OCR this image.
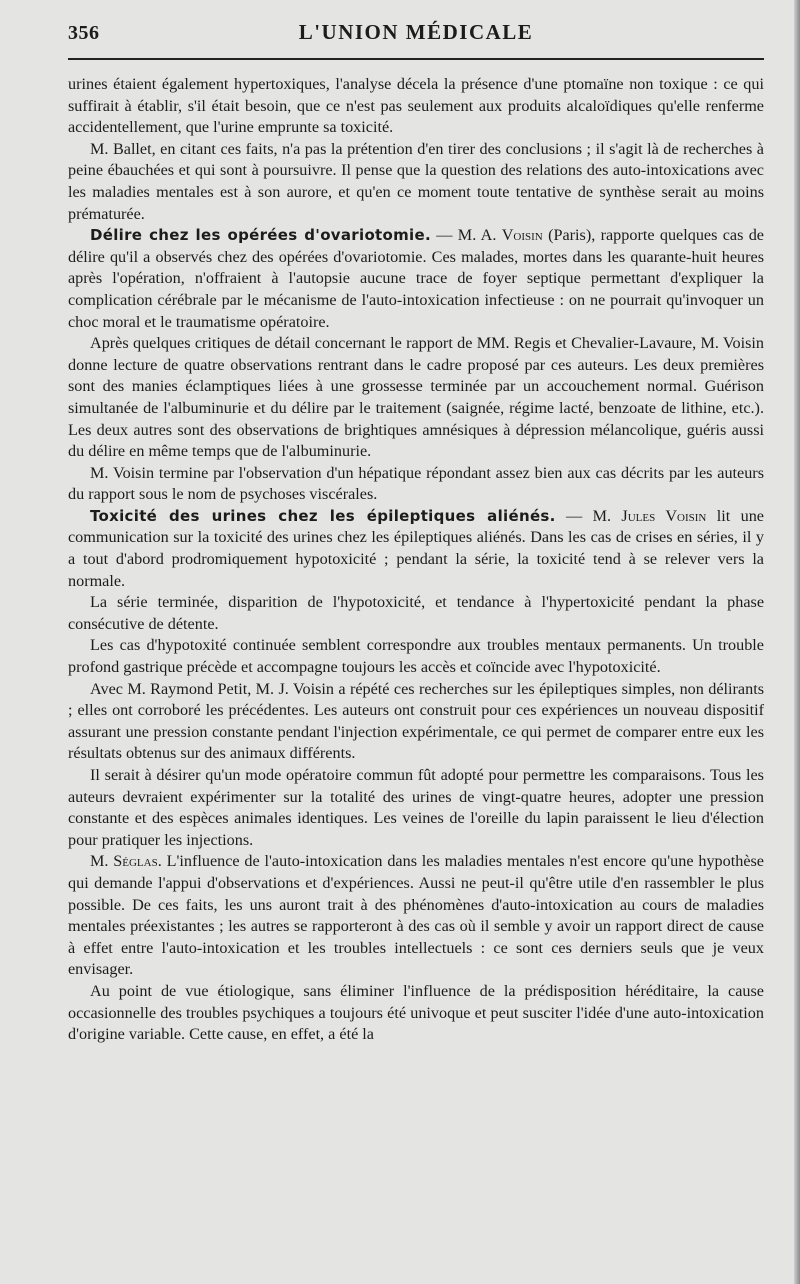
356	L'UNION MÉDICALE

urines étaient également hypertoxiques, l'analyse décela la présence d'une ptomaïne non toxique : ce qui suffirait à établir, s'il était besoin, que ce n'est pas seulement aux produits alcaloïdiques qu'elle renferme accidentellement, que l'urine emprunte sa toxicité.

M. Ballet, en citant ces faits, n'a pas la prétention d'en tirer des conclusions ; il s'agit là de recherches à peine ébauchées et qui sont à poursuivre. Il pense que la question des relations des auto-intoxications avec les maladies mentales est à son aurore, et qu'en ce moment toute tentative de synthèse serait au moins prématurée.

Délire chez les opérées d'ovariotomie. — M. A. Voisin (Paris), rapporte quelques cas de délire qu'il a observés chez des opérées d'ovariotomie. Ces malades, mortes dans les quarante-huit heures après l'opération, n'offraient à l'autopsie aucune trace de foyer septique permettant d'expliquer la complication cérébrale par le mécanisme de l'auto-intoxication infectieuse : on ne pourrait qu'invoquer un choc moral et le traumatisme opératoire.

Après quelques critiques de détail concernant le rapport de MM. Regis et Chevalier-Lavaure, M. Voisin donne lecture de quatre observations rentrant dans le cadre proposé par ces auteurs. Les deux premières sont des manies éclamptiques liées à une grossesse terminée par un accouchement normal. Guérison simultanée de l'albuminurie et du délire par le traitement (saignée, régime lacté, benzoate de lithine, etc.). Les deux autres sont des observations de brightiques amnésiques à dépression mélancolique, guéris aussi du délire en même temps que de l'albuminurie.

M. Voisin termine par l'observation d'un hépatique répondant assez bien aux cas décrits par les auteurs du rapport sous le nom de psychoses viscérales.

Toxicité des urines chez les épileptiques aliénés. — M. Jules Voisin lit une communication sur la toxicité des urines chez les épileptiques aliénés. Dans les cas de crises en séries, il y a tout d'abord prodromiquement hypotoxicité ; pendant la série, la toxicité tend à se relever vers la normale.

La série terminée, disparition de l'hypotoxicité, et tendance à l'hypertoxicité pendant la phase consécutive de détente.

Les cas d'hypotoxité continuée semblent correspondre aux troubles mentaux permanents. Un trouble profond gastrique précède et accompagne toujours les accès et coïncide avec l'hypotoxicité.

Avec M. Raymond Petit, M. J. Voisin a répété ces recherches sur les épileptiques simples, non délirants ; elles ont corroboré les précédentes. Les auteurs ont construit pour ces expériences un nouveau dispositif assurant une pression constante pendant l'injection expérimentale, ce qui permet de comparer entre eux les résultats obtenus sur des animaux différents.

Il serait à désirer qu'un mode opératoire commun fût adopté pour permettre les comparaisons. Tous les auteurs devraient expérimenter sur la totalité des urines de vingt-quatre heures, adopter une pression constante et des espèces animales identiques. Les veines de l'oreille du lapin paraissent le lieu d'élection pour pratiquer les injections.

M. Séglas. L'influence de l'auto-intoxication dans les maladies mentales n'est encore qu'une hypothèse qui demande l'appui d'observations et d'expériences. Aussi ne peut-il qu'être utile d'en rassembler le plus possible. De ces faits, les uns auront trait à des phénomènes d'auto-intoxication au cours de maladies mentales préexistantes ; les autres se rapporteront à des cas où il semble y avoir un rapport direct de cause à effet entre l'auto-intoxication et les troubles intellectuels : ce sont ces derniers seuls que je veux envisager.

Au point de vue étiologique, sans éliminer l'influence de la prédisposition héréditaire, la cause occasionnelle des troubles psychiques a toujours été univoque et peut susciter l'idée d'une auto-intoxication d'origine variable. Cette cause, en effet, a été la
